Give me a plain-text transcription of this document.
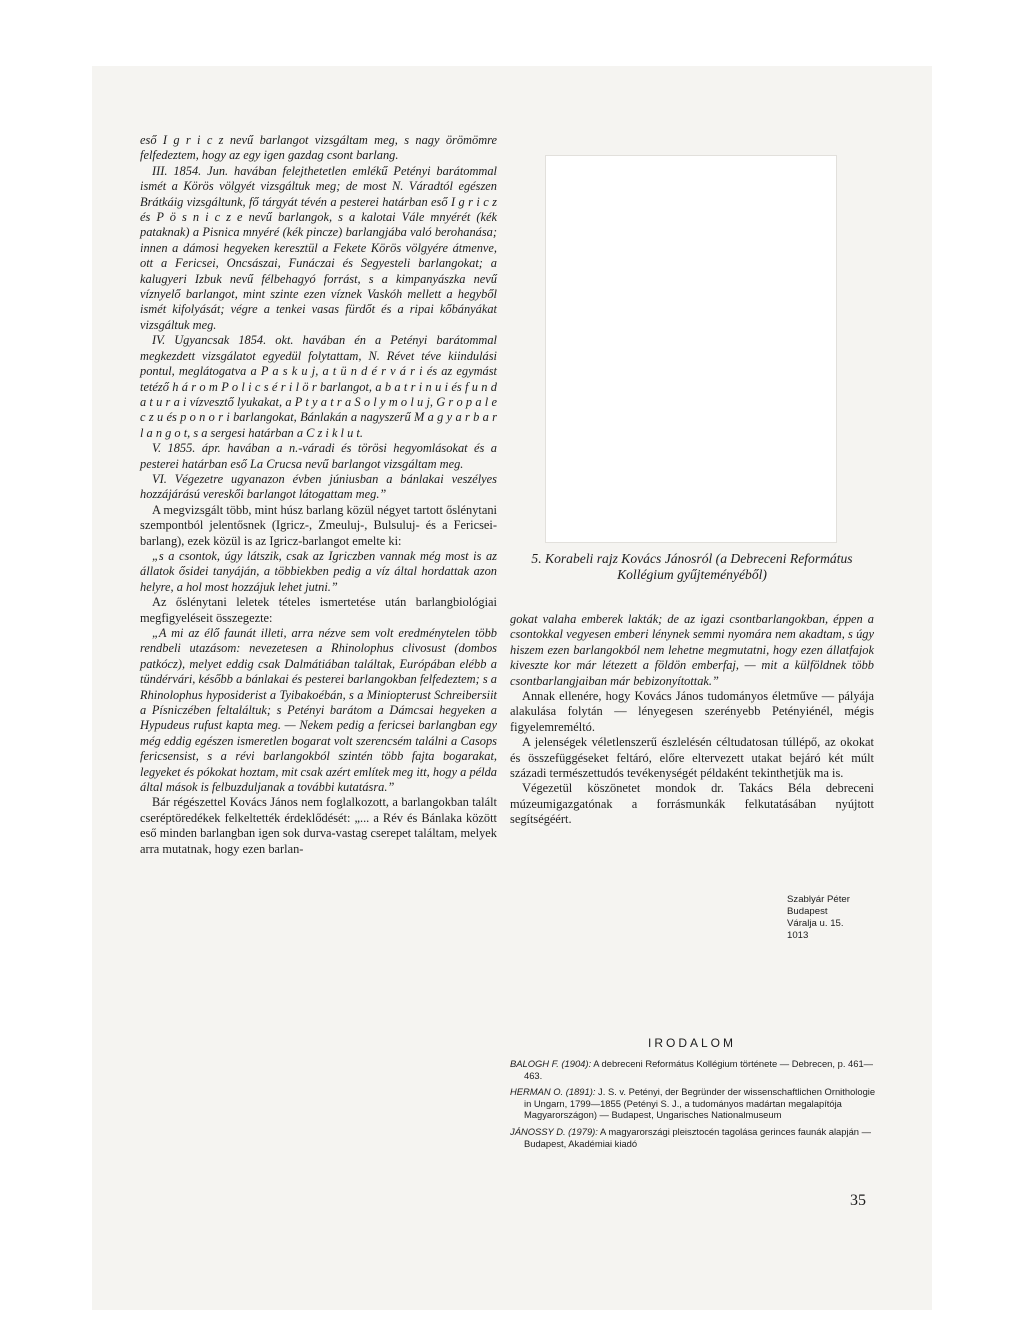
eső I g r i c z nevű barlangot vizsgáltam meg, s nagy örömömre felfedeztem, hogy az egy igen gazdag csont barlang.

III. 1854. Jun. havában felejthetetlen emlékű Petényi barátommal ismét a Körös völgyét vizsgáltuk meg; de most N. Váradtól egészen Brátkáig vizsgáltunk, fő tárgyát tévén a pesterei határban eső I g r i c z és P ö s n i c z e nevű barlangok, s a kalotai Vále mnyérét (kék pataknak) a Pisnica mnyéré (kék pincze) barlangjába való berohanása; innen a dámosi hegyeken keresztül a Fekete Körös völgyére átmenve, ott a Fericsei, Oncsászai, Funáczai és Segyesteli barlangokat; a kalugyeri Izbuk nevű félbehagyó forrást, s a kimpanyászka nevű víznyelő barlangot, mint szinte ezen víznek Vaskóh mellett a hegyből ismét kifolyását; végre a tenkei vasas fürdőt és a ripai kőbányákat vizsgáltuk meg.

IV. Ugyancsak 1854. okt. havában én a Petényi barátommal megkezdett vizsgálatot egyedül folytattam, N. Révet téve kiindulási pontul, meglátogatva a P a s k u j, a t ü n d é r v á r i és az egymást tetéző h á r o m P o l i c s é r i l ö r barlangot, a b a t r i n u i és f u n d a t u r a i vízvesztő lyukakat, a P t y a t r a S o l y m o l u j, G r o p a l e c z u és p o n o r i barlangokat, Bánlakán a nagyszerű M a g y a r b a r l a n g o t, s a sergesi határban a C z i k l u t.

V. 1855. ápr. havában a n.-váradi és törösi hegyomlásokat és a pesterei határban eső La Crucsa nevű barlangot vizsgáltam meg.

VI. Végezetre ugyanazon évben júniusban a bánlakai veszélyes hozzájárású vereskői barlangot látogattam meg.”

A megvizsgált több, mint húsz barlang közül négyet tartott őslénytani szempontból jelentősnek (Igricz-, Zmeuluj-, Bulsuluj- és a Fericsei-barlang), ezek közül is az Igricz-barlangot emelte ki:

„s a csontok, úgy látszik, csak az Igriczben vannak még most is az állatok ősidei tanyáján, a többiekben pedig a víz által hordattak azon helyre, a hol most hozzájuk lehet jutni.”

Az őslénytani leletek tételes ismertetése után barlangbiológiai megfigyeléseit összegezte:

„A mi az élő faunát illeti, arra nézve sem volt eredménytelen több rendbeli utazásom: nevezetesen a Rhinolophus clivosust (dombos patkócz), melyet eddig csak Dalmátiában találtak, Európában elébb a tündérvári, később a bánlakai és pesterei barlangokban felfedeztem; s a Rhinolophus hyposiderist a Tyibakoébán, s a Miniopterust Schreibersiit a Písniczében feltaláltuk; s Petényi barátom a Dámcsai hegyeken a Hypudeus rufust kapta meg. — Nekem pedig a fericsei barlangban egy még eddig egészen ismeretlen bogarat volt szerencsém találni a Casops fericsensist, s a révi barlangokból szintén több fajta bogarakat, legyeket és pókokat hoztam, mit csak azért említek meg itt, hogy a példa által mások is felbuzduljanak a további kutatásra.”

Bár régészettel Kovács János nem foglalkozott, a barlangokban talált cseréptöredékek felkeltették érdeklődését: „... a Rév és Bánlaka között eső minden barlangban igen sok durva-vastag cserepet találtam, melyek arra mutatnak, hogy ezen barlan-

5. Korabeli rajz Kovács Jánosról (a Debreceni Református Kollégium gyűjteményéből)

gokat valaha emberek lakták; de az igazi csontbarlangokban, éppen a csontokkal vegyesen emberi lénynek semmi nyomára nem akadtam, s úgy hiszem ezen barlangokból nem lehetne megmutatni, hogy ezen állatfajok kiveszte kor már létezett a földön emberfaj, — mit a külföldnek több csontbarlangjaiban már bebizonyítottak.”

Annak ellenére, hogy Kovács János tudományos életműve — pályája alakulása folytán — lényegesen szerényebb Petényiénél, mégis figyelemreméltó.

A jelenségek véletlenszerű észlelésén céltudatosan túllépő, az okokat és összefüggéseket feltáró, előre eltervezett utakat bejáró két múlt századi természettudós tevékenységét példaként tekinthetjük ma is.

Végezetül köszönetet mondok dr. Takács Béla debreceni múzeumigazgatónak a forrásmunkák felkutatásában nyújtott segítségéért.

Szablyár Péter
Budapest
Váralja u. 15.
1013
IRODALOM

BALOGH F. (1904): A debreceni Református Kollégium története — Debrecen, p. 461—463.

HERMAN O. (1891): J. S. v. Petényi, der Begründer der wissenschaftlichen Ornithologie in Ungarn, 1799—1855 (Petényi S. J., a tudományos madártan megalapítója Magyarországon) — Budapest, Ungarisches Nationalmuseum

JÁNOSSY D. (1979): A magyarországi pleisztocén tagolása gerinces faunák alapján — Budapest, Akadémiai kiadó

35
